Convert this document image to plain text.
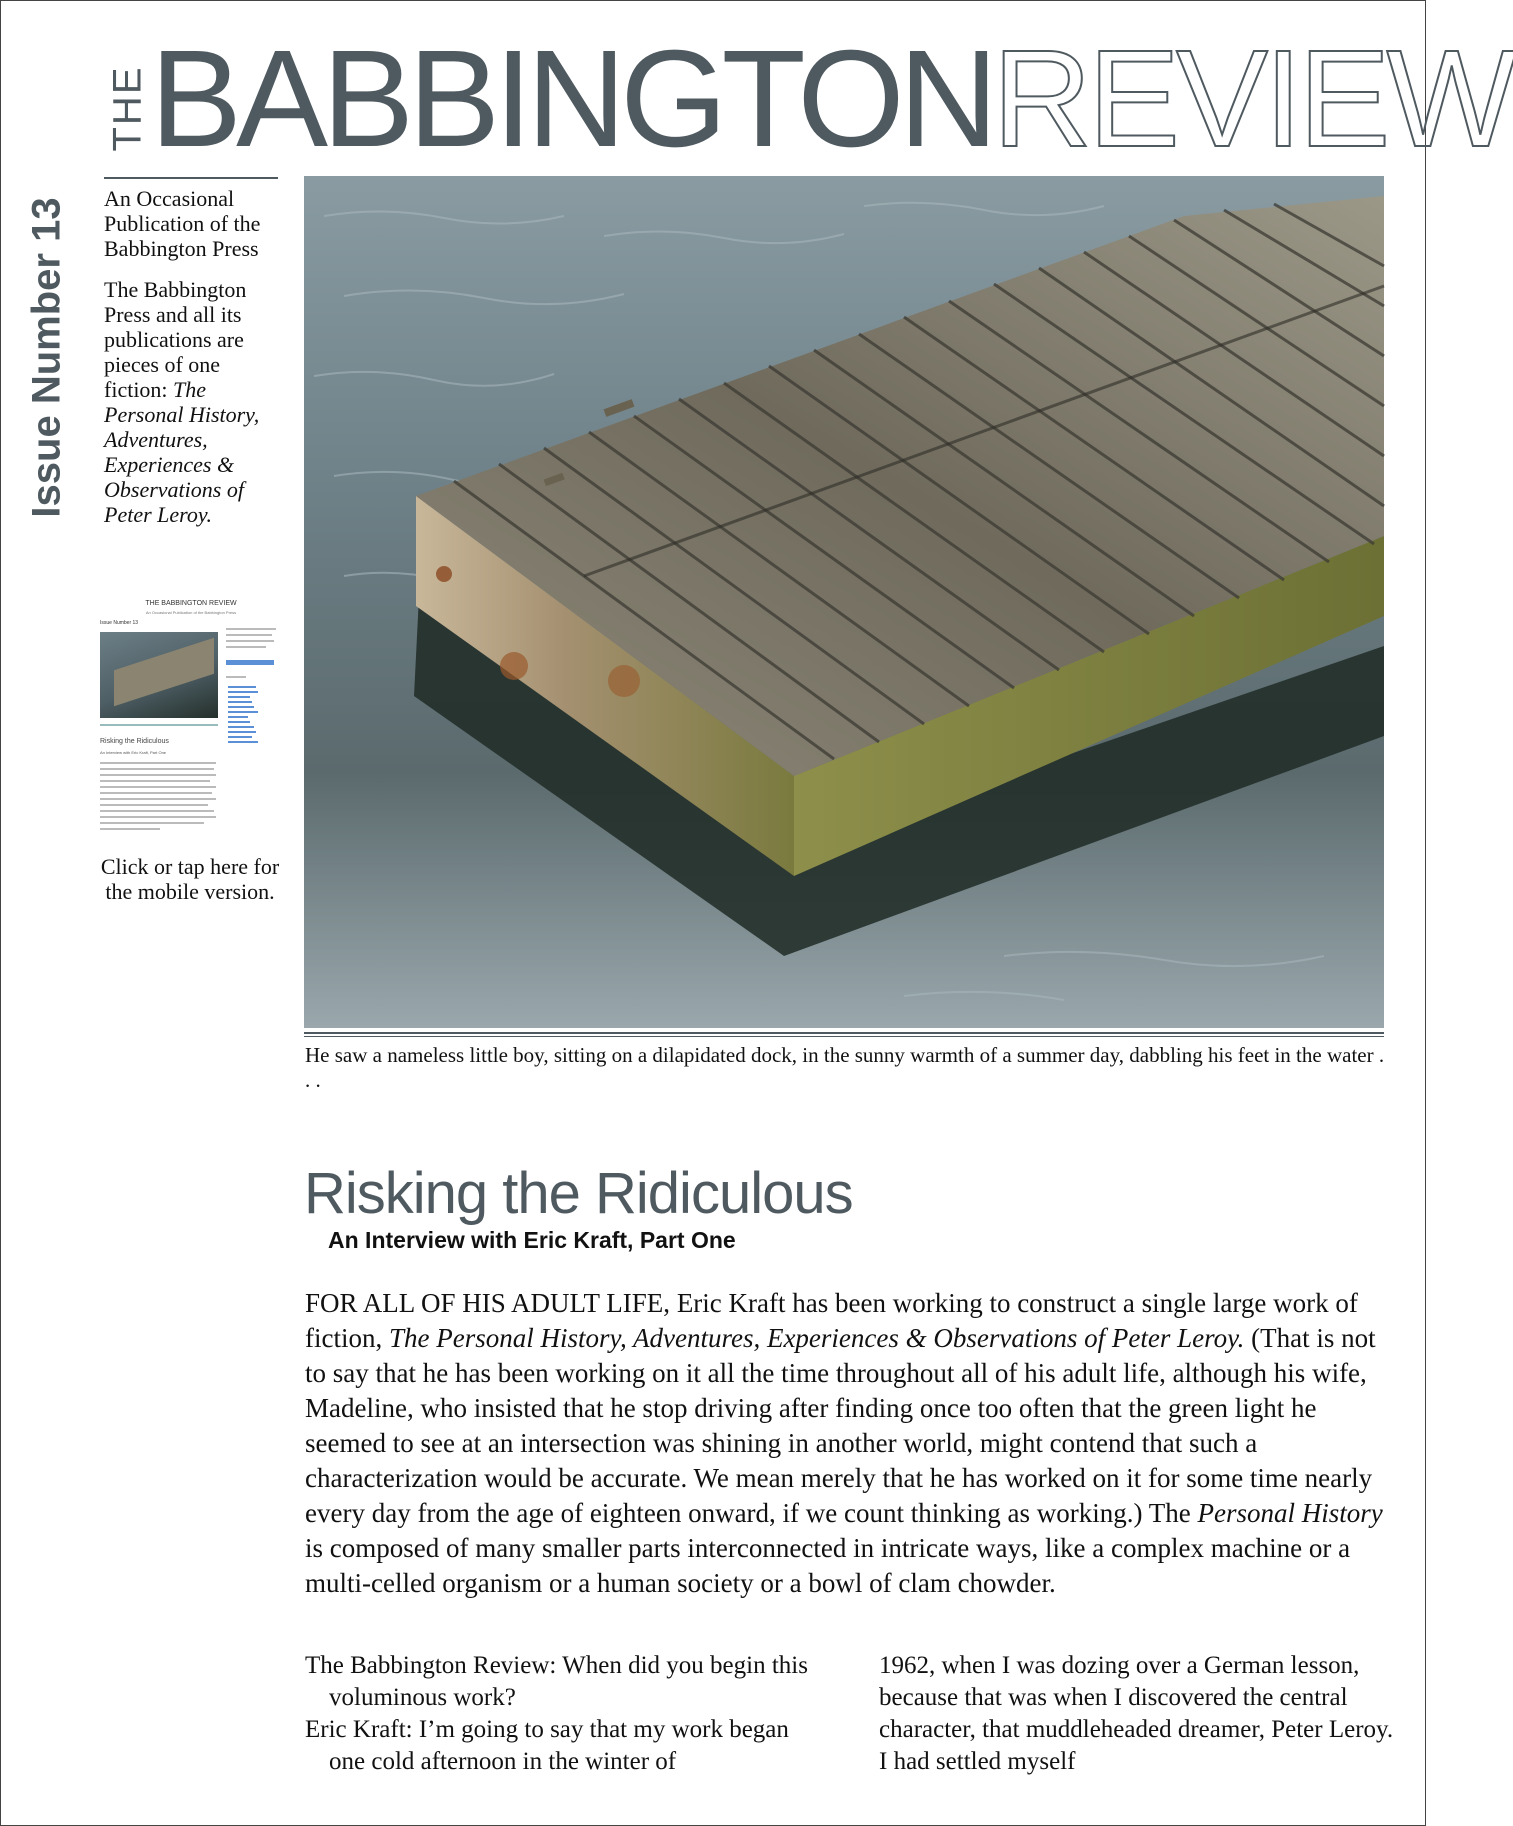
THE BABBINGTONREVIEW
Issue Number 13 An Occasional Publication of the Babbington Press

The Babbington Press and all its publications are pieces of one fiction: The Personal History, Adventures, Experiences & Observations of Peter Leroy.

THE BABBINGTON REVIEW
An Occasional Publication of the Babbington Press
Issue Number 13
Risking the Ridiculous
An Interview with Eric Kraft, Part One
Click or tap here for the mobile version.
He saw a nameless little boy, sitting on a dilapidated dock, in the sunny warmth of a summer day, dabbling his feet in the water . . .
Risking the Ridiculous
An Interview with Eric Kraft, Part One
FOR ALL OF HIS ADULT LIFE, Eric Kraft has been working to construct a single large work of fiction, The Personal History, Adventures, Experiences & Observations of Peter Leroy. (That is not to say that he has been working on it all the time throughout all of his adult life, although his wife, Madeline, who insisted that he stop driving after finding once too often that the green light he seemed to see at an intersection was shining in another world, might contend that such a characterization would be accurate. We mean merely that he has worked on it for some time nearly every day from the age of eighteen onward, if we count thinking as working.) The Personal History is composed of many smaller parts interconnected in intricate ways, like a complex machine or a multi-celled organism or a human society or a bowl of clam chowder.

The Babbington Review: When did you begin this voluminous work?

Eric Kraft: I’m going to say that my work began one cold afternoon in the winter of

1962, when I was dozing over a German lesson, because that was when I discovered the central character, that muddleheaded dreamer, Peter Leroy. I had settled myself
